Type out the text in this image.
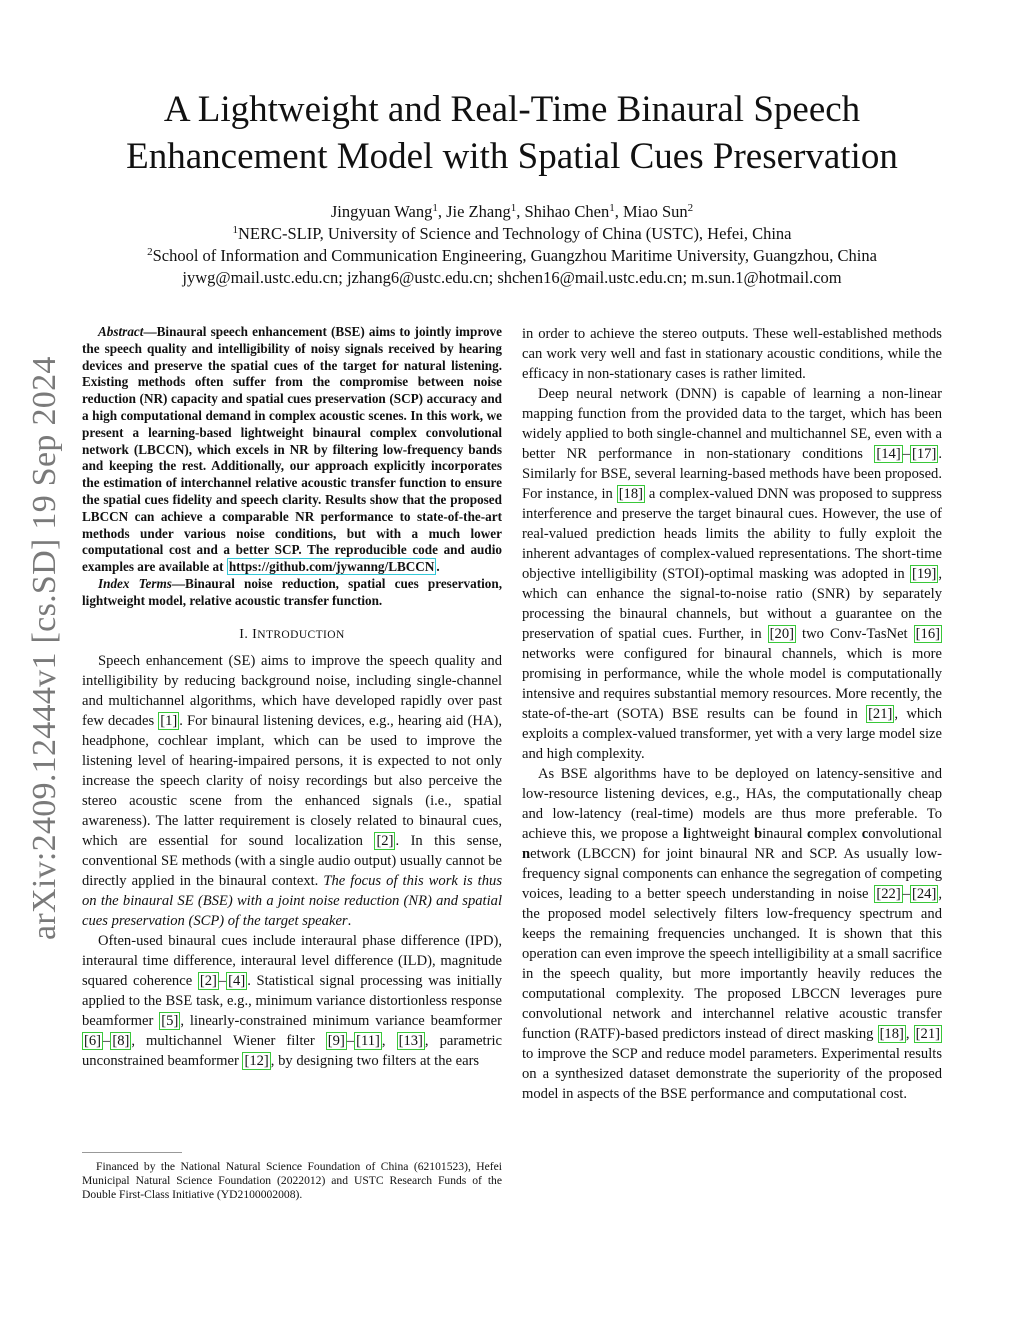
A Lightweight and Real-Time Binaural Speech
Enhancement Model with Spatial Cues Preservation
Jingyuan Wang$^1$, Jie Zhang$^1$, Shihao Chen$^1$, Miao Sun$^2$
$^1$NERC-SLIP, University of Science and Technology of China (USTC), Hefei, China
$^2$School of Information and Communication Engineering, Guangzhou Maritime University, Guangzhou, China
jywg@mail.ustc.edu.cn; jzhang6@ustc.edu.cn; shchen16@mail.ustc.edu.cn; m.sun.1@hotmail.com
arXiv:2409.12444v1 [cs.SD] 19 Sep 2024

Abstract—Binaural speech enhancement (BSE) aims to jointly improve the speech quality and intelligibility of noisy signals received by hearing devices and preserve the spatial cues of the target for natural listening. Existing methods often suffer from the compromise between noise reduction (NR) capacity and spatial cues preservation (SCP) accuracy and a high computational demand in complex acoustic scenes. In this work, we present a learning-based lightweight binaural complex convolutional network (LBCCN), which excels in NR by filtering low-frequency bands and keeping the rest. Additionally, our approach explicitly incorporates the estimation of interchannel relative acoustic transfer function to ensure the spatial cues fidelity and speech clarity. Results show that the proposed LBCCN can achieve a comparable NR performance to state-of-the-art methods under various noise conditions, but with a much lower computational cost and a better SCP. The reproducible code and audio examples are available at https://github.com/jywanng/LBCCN .

Index Terms—Binaural noise reduction, spatial cues preservation, lightweight model, relative acoustic transfer function.

I. INTRODUCTION

Speech enhancement (SE) aims to improve the speech quality and intelligibility by reducing background noise, including single-channel and multichannel algorithms, which have developed rapidly over past few decades [1] . For binaural listening devices, e.g., hearing aid (HA), headphone, cochlear implant, which can be used to improve the listening level of hearing-impaired persons, it is expected to not only increase the speech clarity of noisy recordings but also perceive the stereo acoustic scene from the enhanced signals (i.e., spatial awareness). The latter requirement is closely related to binaural cues, which are essential for sound localization [2] . In this sense, conventional SE methods (with a single audio output) usually cannot be directly applied in the binaural context. The focus of this work is thus on the binaural SE (BSE) with a joint noise reduction (NR) and spatial cues preservation (SCP) of the target speaker.

Often-used binaural cues include interaural phase difference (IPD), interaural time difference, interaural level difference (ILD), magnitude squared coherence [2] – [4] . Statistical signal processing was initially applied to the BSE task, e.g., minimum variance distortionless response beamformer [5] , linearly-constrained minimum variance beamformer [6] – [8] , multichannel Wiener filter [9] – [11] , [13] , parametric unconstrained beamformer [12] , by designing two filters at the ears

Financed by the National Natural Science Foundation of China (62101523), Hefei Municipal Natural Science Foundation (2022012) and USTC Research Funds of the Double First-Class Initiative (YD2100002008).

in order to achieve the stereo outputs. These well-established methods can work very well and fast in stationary acoustic conditions, while the efficacy in non-stationary cases is rather limited.

Deep neural network (DNN) is capable of learning a non-linear mapping function from the provided data to the target, which has been widely applied to both single-channel and multichannel SE, even with a better NR performance in non-stationary conditions [14] – [17] . Similarly for BSE, several learning-based methods have been proposed. For instance, in [18] a complex-valued DNN was proposed to suppress interference and preserve the target binaural cues. However, the use of real-valued prediction heads limits the ability to fully exploit the inherent advantages of complex-valued representations. The short-time objective intelligibility (STOI)-optimal masking was adopted in [19] , which can enhance the signal-to-noise ratio (SNR) by separately processing the binaural channels, but without a guarantee on the preservation of spatial cues. Further, in [20] two Conv-TasNet [16] networks were configured for binaural channels, which is more promising in performance, while the whole model is computationally intensive and requires substantial memory resources. More recently, the state-of-the-art (SOTA) BSE results can be found in [21] , which exploits a complex-valued transformer, yet with a very large model size and high complexity.

As BSE algorithms have to be deployed on latency-sensitive and low-resource listening devices, e.g., HAs, the computationally cheap and low-latency (real-time) models are thus more preferable. To achieve this, we propose a lightweight binaural complex convolutional network (LBCCN) for joint binaural NR and SCP. As usually low-frequency signal components can enhance the segregation of competing voices, leading to a better speech understanding in noise [22] – [24] , the proposed model selectively filters low-frequency spectrum and keeps the remaining frequencies unchanged. It is shown that this operation can even improve the speech intelligibility at a small sacrifice in the speech quality, but more importantly heavily reduces the computational complexity. The proposed LBCCN leverages pure convolutional network and interchannel relative acoustic transfer function (RATF)-based predictors instead of direct masking [18] , [21] to improve the SCP and reduce model parameters. Experimental results on a synthesized dataset demonstrate the superiority of the proposed model in aspects of the BSE performance and computational cost.
